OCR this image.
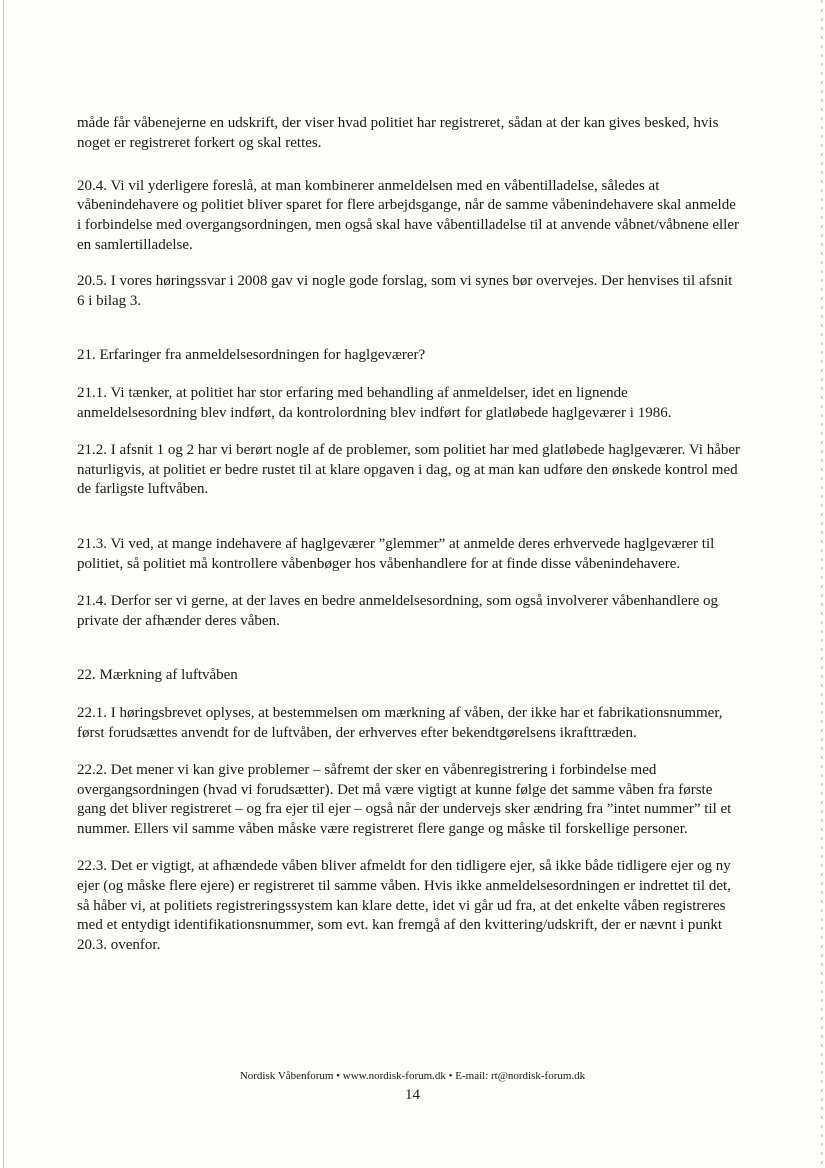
måde får våbenejerne en udskrift, der viser hvad politiet har registreret, sådan at der kan gives besked, hvis noget er registreret forkert og skal rettes.

20.4. Vi vil yderligere foreslå, at man kombinerer anmeldelsen med en våbentilladelse, således at våbenindehavere og politiet bliver sparet for flere arbejdsgange, når de samme våbenindehavere skal anmelde i forbindelse med overgangsordningen, men også skal have våbentilladelse til at anvende våbnet/våbnene eller en samlertilladelse.

20.5. I vores høringssvar i 2008 gav vi nogle gode forslag, som vi synes bør overvejes. Der henvises til afsnit 6 i bilag 3.

21. Erfaringer fra anmeldelsesordningen for haglgeværer?

21.1. Vi tænker, at politiet har stor erfaring med behandling af anmeldelser, idet en lignende anmeldelsesordning blev indført, da kontrolordning blev indført for glatløbede haglgeværer i 1986.

21.2. I afsnit 1 og 2 har vi berørt nogle af de problemer, som politiet har med glatløbede haglgeværer. Vi håber naturligvis, at politiet er bedre rustet til at klare opgaven i dag, og at man kan udføre den ønskede kontrol med de farligste luftvåben.

21.3. Vi ved, at mange indehavere af haglgeværer ”glemmer” at anmelde deres erhvervede haglgeværer til politiet, så politiet må kontrollere våbenbøger hos våbenhandlere for at finde disse våbenindehavere.

21.4. Derfor ser vi gerne, at der laves en bedre anmeldelsesordning, som også involverer våbenhandlere og private der afhænder deres våben.

22. Mærkning af luftvåben

22.1. I høringsbrevet oplyses, at bestemmelsen om mærkning af våben, der ikke har et fabrikationsnummer, først forudsættes anvendt for de luftvåben, der erhverves efter bekendtgørelsens ikrafttræden.

22.2. Det mener vi kan give problemer – såfremt der sker en våbenregistrering i forbindelse med overgangsordningen (hvad vi forudsætter). Det må være vigtigt at kunne følge det samme våben fra første gang det bliver registreret – og fra ejer til ejer – også når der undervejs sker ændring fra ”intet nummer” til et nummer. Ellers vil samme våben måske være registreret flere gange og måske til forskellige personer.

22.3. Det er vigtigt, at afhændede våben bliver afmeldt for den tidligere ejer, så ikke både tidligere ejer og ny ejer (og måske flere ejere) er registreret til samme våben. Hvis ikke anmeldelsesordningen er indrettet til det, så håber vi, at politiets registreringssystem kan klare dette, idet vi går ud fra, at det enkelte våben registreres med et entydigt identifikationsnummer, som evt. kan fremgå af den kvittering/udskrift, der er nævnt i punkt 20.3. ovenfor.

Nordisk Våbenforum • www.nordisk-forum.dk • E-mail: rt@nordisk-forum.dk
14
